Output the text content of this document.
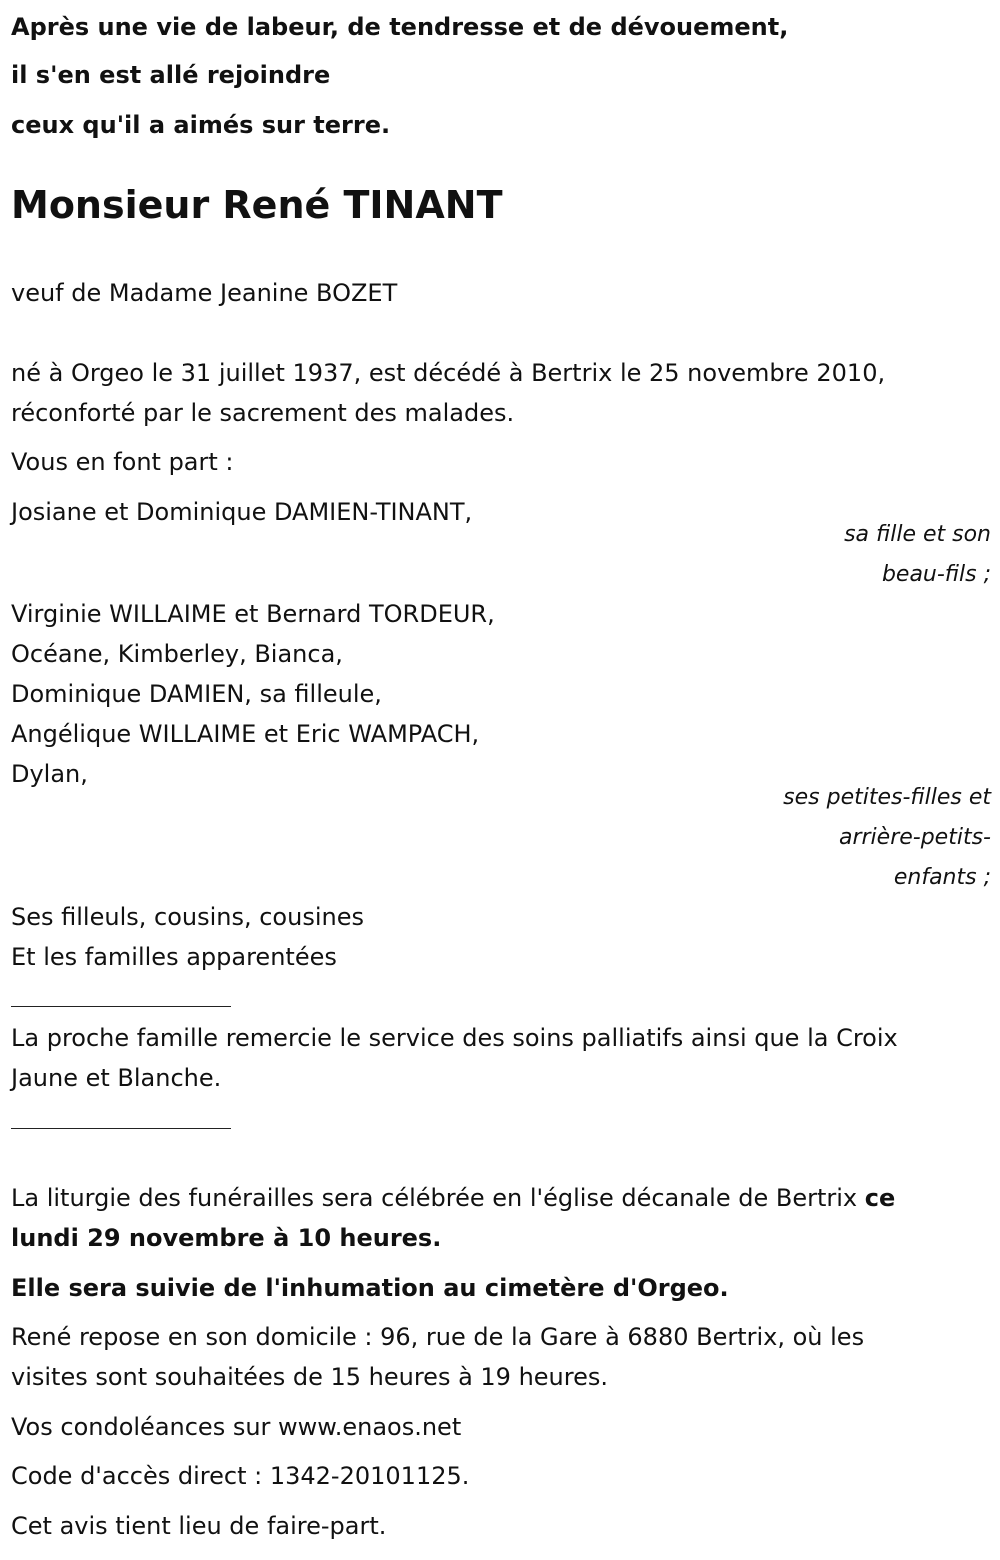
Après une vie de labeur, de tendresse et de dévouement,
il s'en est allé rejoindre
ceux qu'il a aimés sur terre.
Monsieur René TINANT
veuf de Madame Jeanine BOZET
né à Orgeo le 31 juillet 1937, est décédé à Bertrix le 25 novembre 2010,
réconforté par le sacrement des malades.
Vous en font part :
Josiane et Dominique DAMIEN-TINANT,
sa fille et son
beau-fils ;
Virginie WILLAIME et Bernard TORDEUR,
Océane, Kimberley, Bianca,
Dominique DAMIEN, sa filleule,
Angélique WILLAIME et Eric WAMPACH,
Dylan,
ses petites-filles et
arrière-petits-
enfants ;
Ses filleuls, cousins, cousines
Et les familles apparentées
La proche famille remercie le service des soins palliatifs ainsi que la Croix
Jaune et Blanche.
La liturgie des funérailles sera célébrée en l'église décanale de Bertrix ce
lundi 29 novembre à 10 heures.
Elle sera suivie de l'inhumation au cimetère d'Orgeo.
René repose en son domicile : 96, rue de la Gare à 6880 Bertrix, où les
visites sont souhaitées de 15 heures à 19 heures.
Vos condoléances sur www.enaos.net
Code d'accès direct : 1342-20101125.
Cet avis tient lieu de faire-part.
